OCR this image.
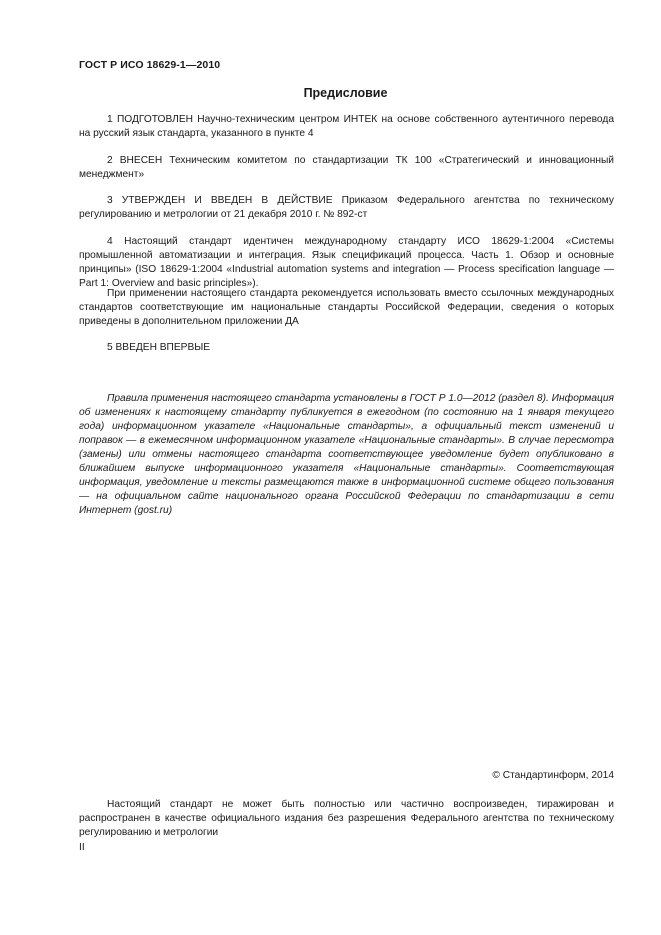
ГОСТ Р ИСО 18629-1—2010
Предисловие

1 ПОДГОТОВЛЕН Научно-техническим центром ИНТЕК на основе собственного аутентичного перевода на русский язык стандарта, указанного в пункте 4

2 ВНЕСЕН Техническим комитетом по стандартизации ТК 100 «Стратегический и инновационный менеджмент»

3 УТВЕРЖДЕН И ВВЕДЕН В ДЕЙСТВИЕ Приказом Федерального агентства по техническому регулированию и метрологии от 21 декабря 2010 г. № 892-ст

4 Настоящий стандарт идентичен международному стандарту ИСО 18629-1:2004 «Системы промышленной автоматизации и интеграция. Язык спецификаций процесса. Часть 1. Обзор и основные принципы» (ISO 18629-1:2004 «Industrial automation systems and integration — Process specification language — Part 1: Overview and basic principles»).

При применении настоящего стандарта рекомендуется использовать вместо ссылочных международных стандартов соответствующие им национальные стандарты Российской Федерации, сведения о которых приведены в дополнительном приложении ДА

5 ВВЕДЕН ВПЕРВЫЕ

Правила применения настоящего стандарта установлены в ГОСТ Р 1.0—2012 (раздел 8). Информация об изменениях к настоящему стандарту публикуется в ежегодном (по состоянию на 1 января текущего года) информационном указателе «Национальные стандарты», а официальный текст изменений и поправок — в ежемесячном информационном указателе «Национальные стандарты». В случае пересмотра (замены) или отмены настоящего стандарта соответствующее уведомление будет опубликовано в ближайшем выпуске информационного указателя «Национальные стандарты». Соответствующая информация, уведомление и тексты размещаются также в информационной системе общего пользования — на официальном сайте национального органа Российской Федерации по стандартизации в сети Интернет (gost.ru)

© Стандартинформ, 2014

Настоящий стандарт не может быть полностью или частично воспроизведен, тиражирован и распространен в качестве официального издания без разрешения Федерального агентства по техническому регулированию и метрологии

II
